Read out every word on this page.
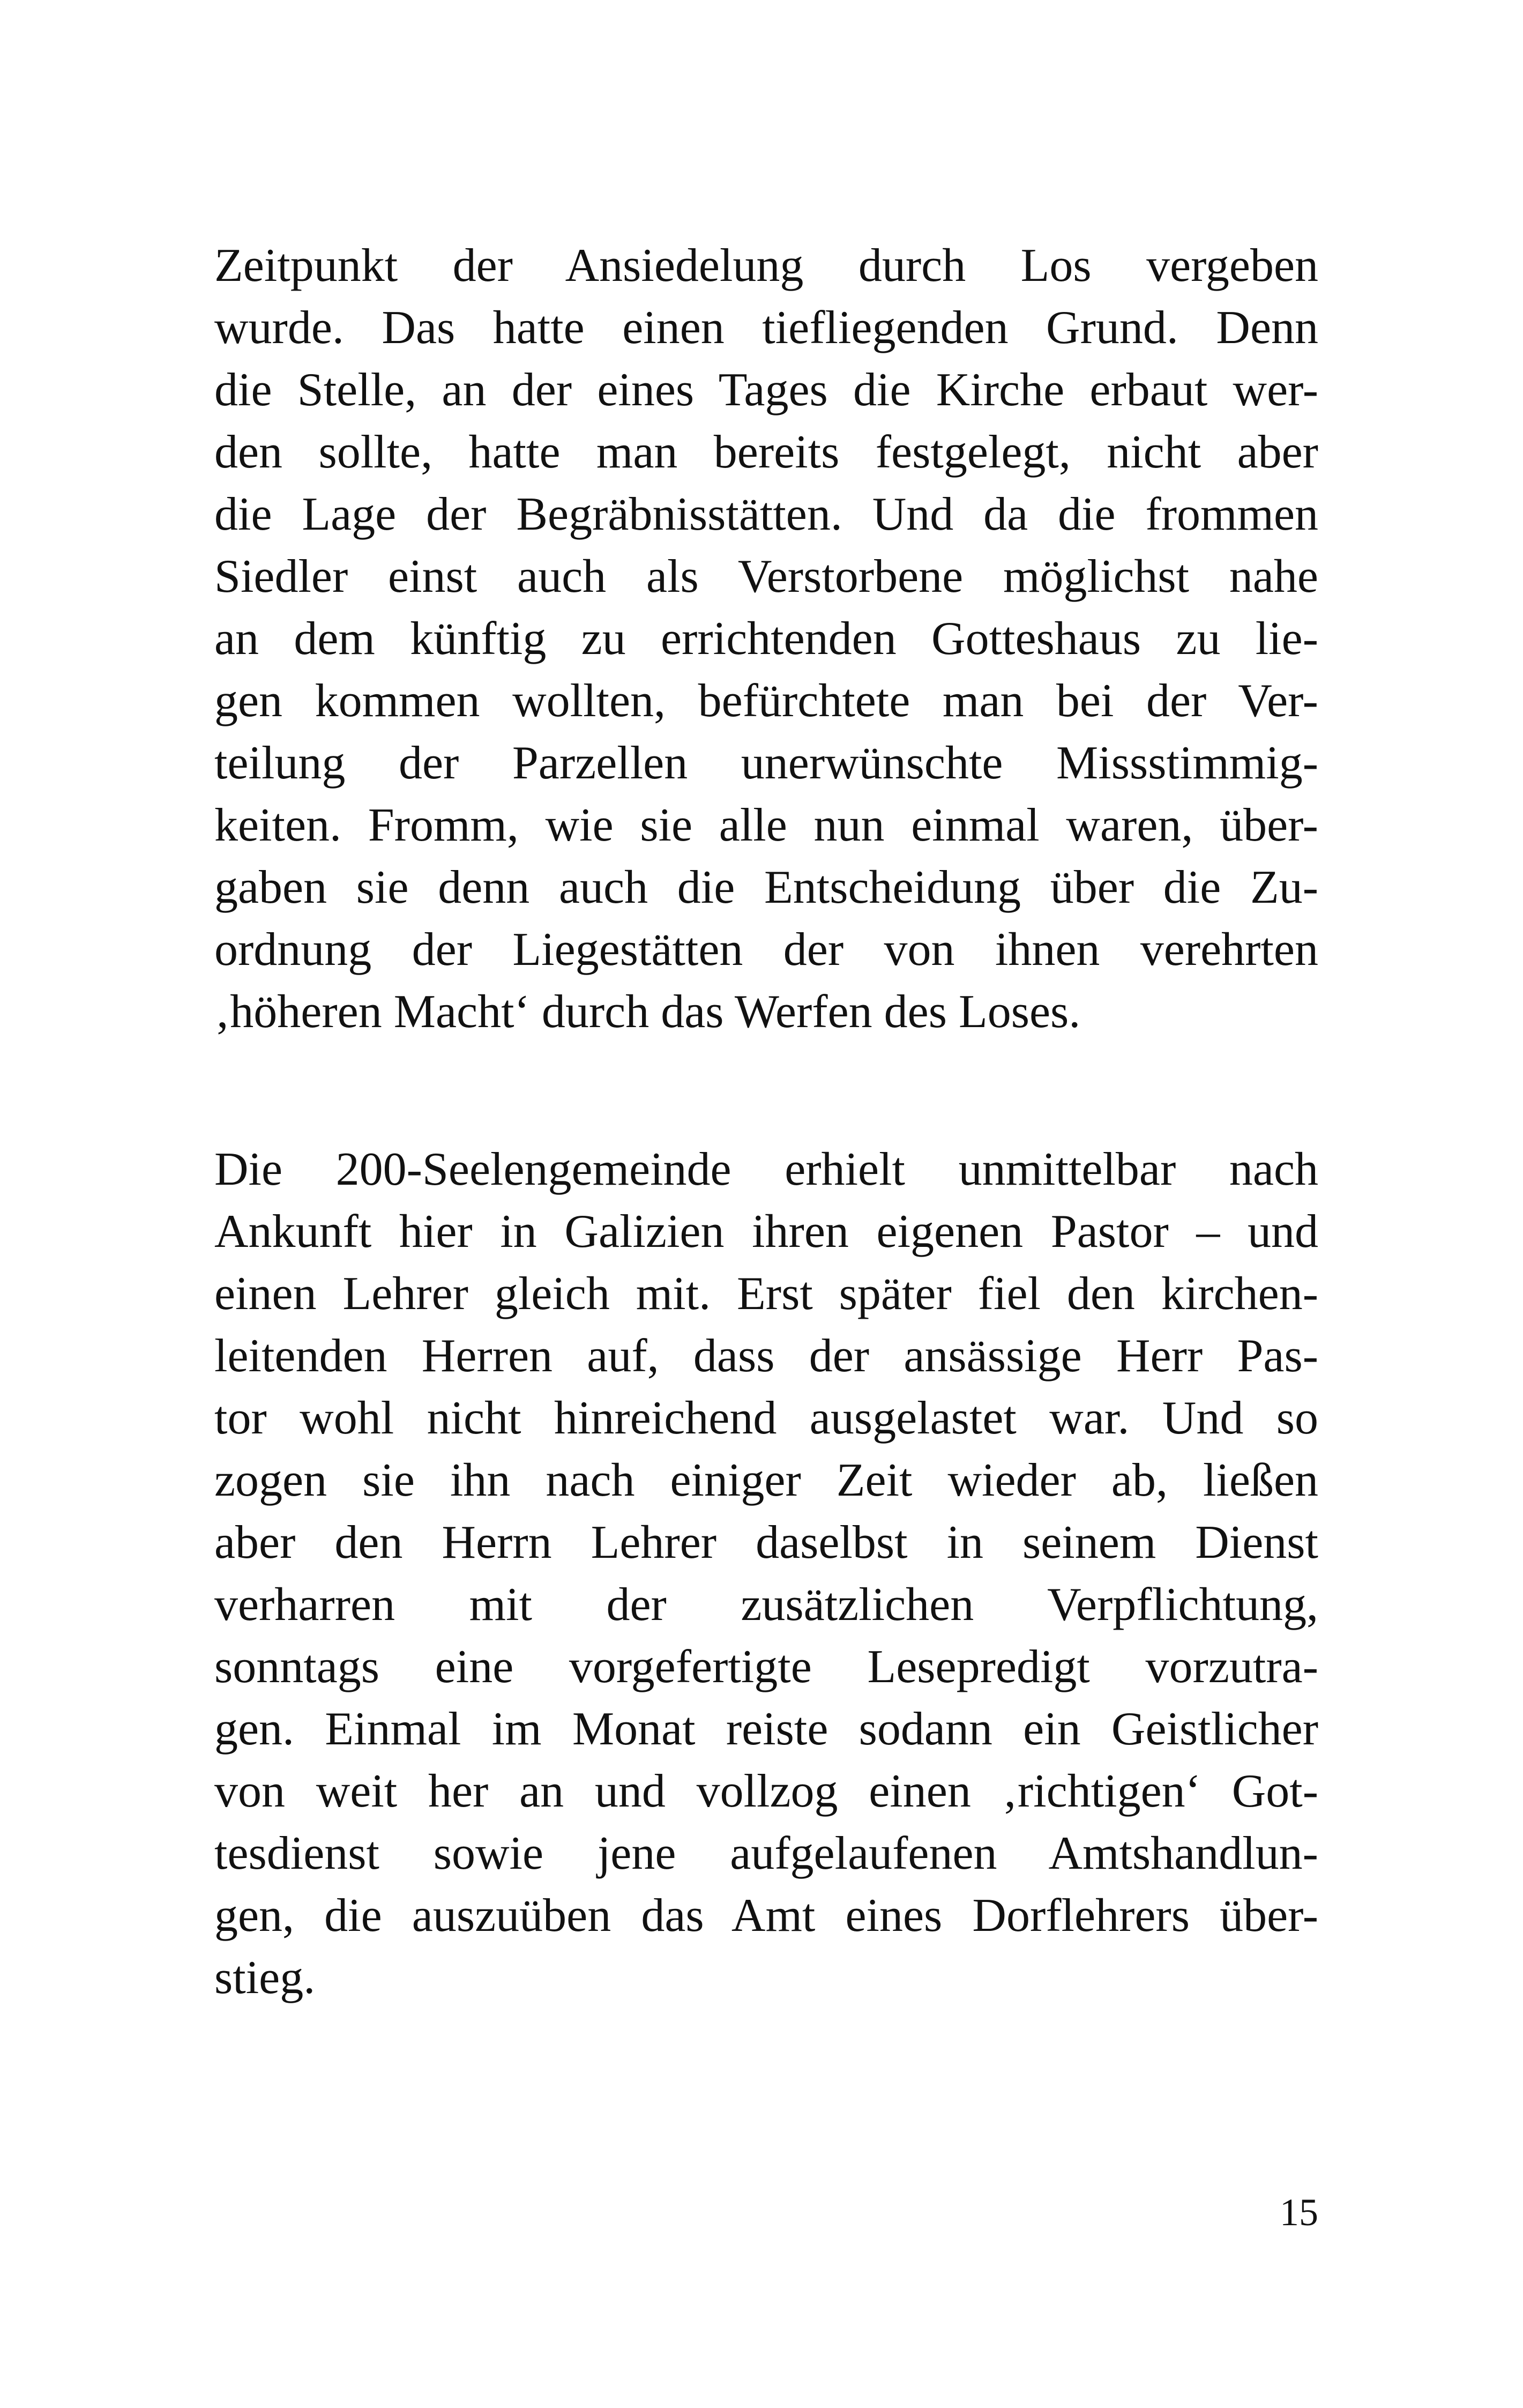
Zeitpunkt der Ansiedelung durch Los vergeben
wurde. Das hatte einen tiefliegenden Grund. Denn
die Stelle, an der eines Tages die Kirche erbaut wer-
den sollte, hatte man bereits festgelegt, nicht aber
die Lage der Begräbnisstätten. Und da die frommen
Siedler einst auch als Verstorbene möglichst nahe
an dem künftig zu errichtenden Gotteshaus zu lie-
gen kommen wollten, befürchtete man bei der Ver-
teilung der Parzellen unerwünschte Missstimmig-
keiten. Fromm, wie sie alle nun einmal waren, über-
gaben sie denn auch die Entscheidung über die Zu-
ordnung der Liegestätten der von ihnen verehrten
‚höheren Macht‘ durch das Werfen des Loses.
Die 200-Seelengemeinde erhielt unmittelbar nach
Ankunft hier in Galizien ihren eigenen Pastor – und
einen Lehrer gleich mit. Erst später fiel den kirchen-
leitenden Herren auf, dass der ansässige Herr Pas-
tor wohl nicht hinreichend ausgelastet war. Und so
zogen sie ihn nach einiger Zeit wieder ab, ließen
aber den Herrn Lehrer daselbst in seinem Dienst
verharren mit der zusätzlichen Verpflichtung,
sonntags eine vorgefertigte Lesepredigt vorzutra-
gen. Einmal im Monat reiste sodann ein Geistlicher
von weit her an und vollzog einen ‚richtigen‘ Got-
tesdienst sowie jene aufgelaufenen Amtshandlun-
gen, die auszuüben das Amt eines Dorflehrers über-
stieg.
15
